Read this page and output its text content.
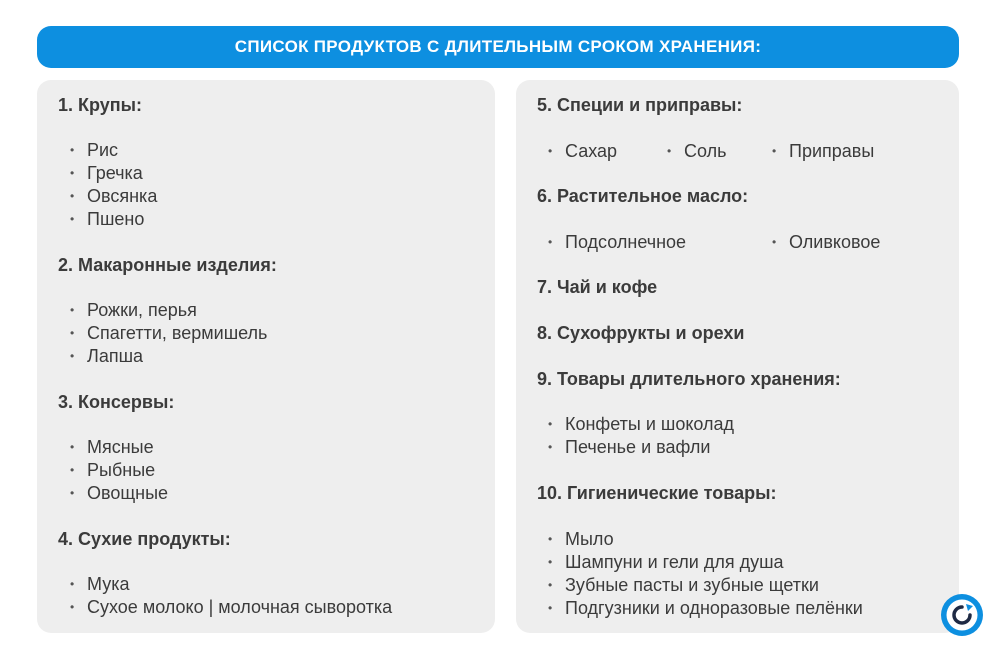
СПИСОК ПРОДУКТОВ С ДЛИТЕЛЬНЫМ СРОКОМ ХРАНЕНИЯ:
1. Крупы:
• Рис
• Гречка
• Овсянка
• Пшено
2. Макаронные изделия:
• Рожки, перья
• Спагетти, вермишель
• Лапша
3. Консервы:
• Мясные
• Рыбные
• Овощные
4. Сухие продукты:
• Мука
• Сухое молоко | молочная сыворотка
5. Специи и приправы:
• Сахар	• Соль	• Приправы
6. Растительное масло:
• Подсолнечное	• Оливковое
7. Чай и кофе
8. Сухофрукты и орехи
9. Товары длительного хранения:
• Конфеты и шоколад
• Печенье и вафли
10. Гигиенические товары:
• Мыло
• Шампуни и гели для душа
• Зубные пасты и зубные щетки
• Подгузники и одноразовые пелёнки
